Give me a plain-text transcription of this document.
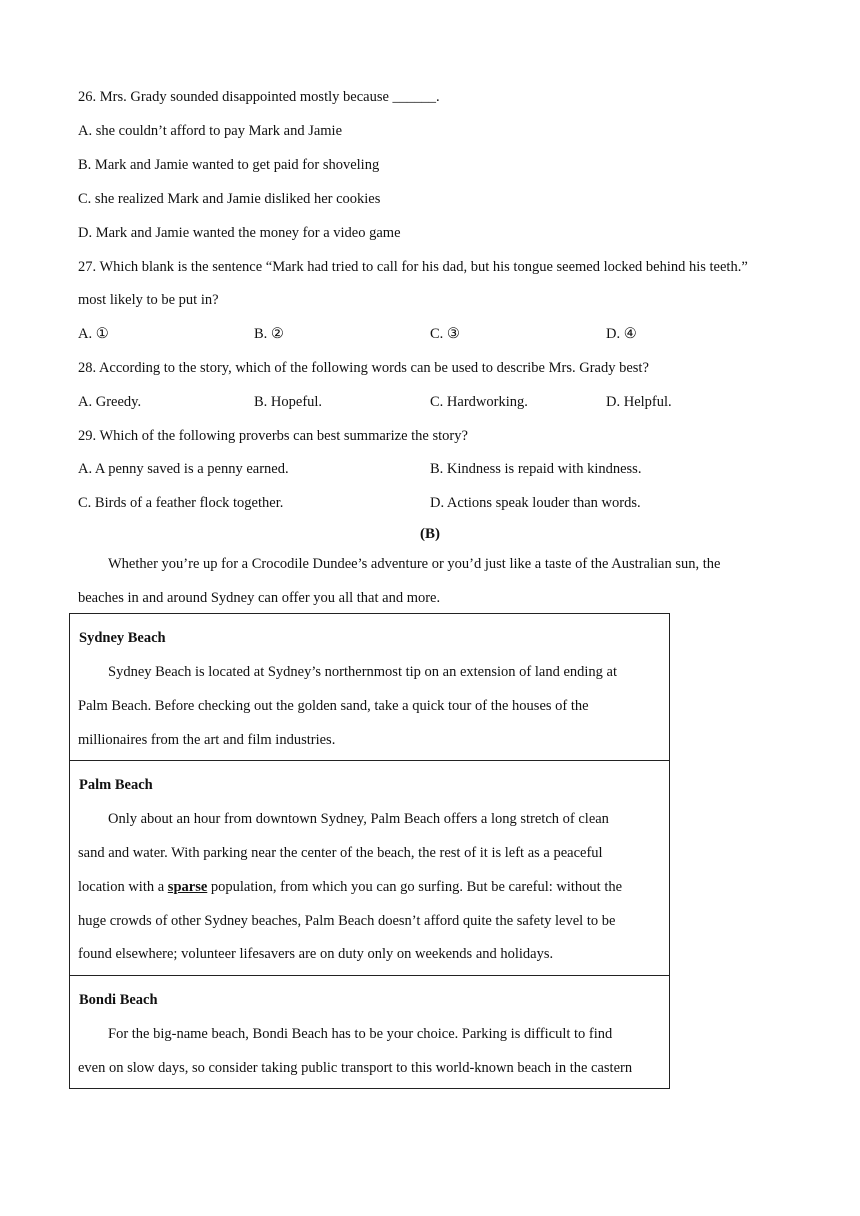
26. Mrs. Grady sounded disappointed mostly because ______.
A. she couldn’t afford to pay Mark and Jamie
B. Mark and Jamie wanted to get paid for shoveling
C. she realized Mark and Jamie disliked her cookies
D. Mark and Jamie wanted the money for a video game
27. Which blank is the sentence “Mark had tried to call for his dad, but his tongue seemed locked behind his teeth.”
most likely to be put in?
A. ①	B. ②	C. ③	D. ④
28. According to the story, which of the following words can be used to describe Mrs. Grady best?
A. Greedy.	B. Hopeful.	C. Hardworking.	D. Helpful.
29. Which of the following proverbs can best summarize the story?
A. A penny saved is a penny earned.	B. Kindness is repaid with kindness.
C. Birds of a feather flock together.	D. Actions speak louder than words.
(B)
Whether you’re up for a Crocodile Dundee’s adventure or you’d just like a taste of the Australian sun, the
beaches in and around Sydney can offer you all that and more.
Sydney Beach
Sydney Beach is located at Sydney’s northernmost tip on an extension of land ending at
Palm Beach. Before checking out the golden sand, take a quick tour of the houses of the
millionaires from the art and film industries.
Palm Beach
Only about an hour from downtown Sydney, Palm Beach offers a long stretch of clean
sand and water. With parking near the center of the beach, the rest of it is left as a peaceful
location with a sparse population, from which you can go surfing. But be careful: without the
huge crowds of other Sydney beaches, Palm Beach doesn’t afford quite the safety level to be
found elsewhere; volunteer lifesavers are on duty only on weekends and holidays.
Bondi Beach
For the big-name beach, Bondi Beach has to be your choice. Parking is difficult to find
even on slow days, so consider taking public transport to this world-known beach in the castern
